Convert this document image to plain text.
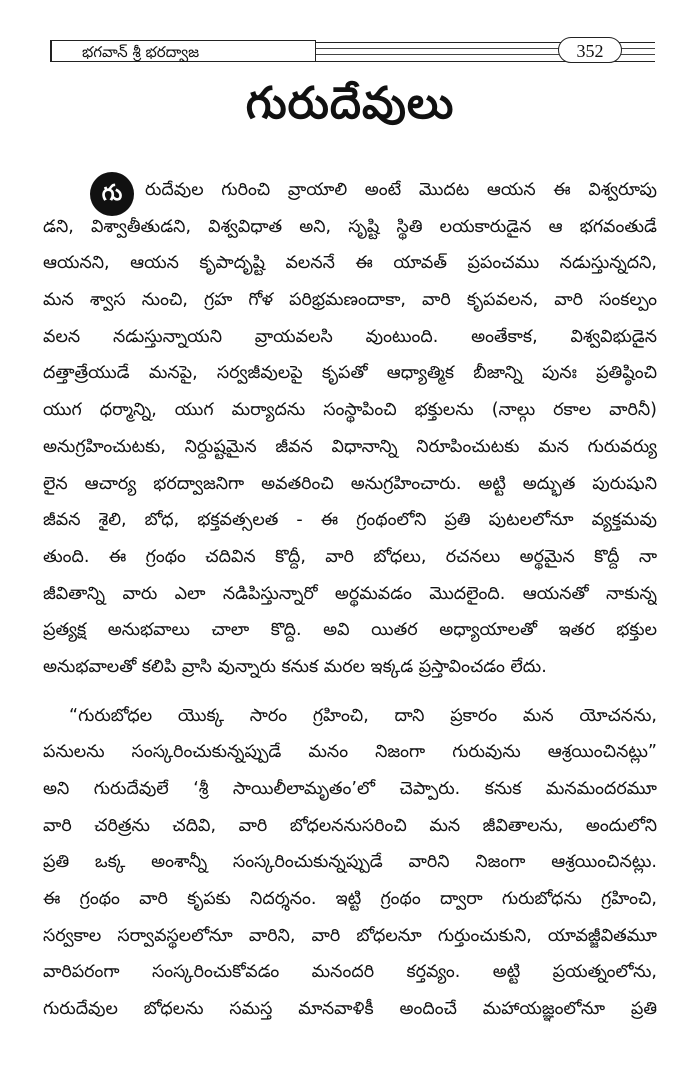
భగవాన్ శ్రీ భరద్వాజ	352
గురుదేవులు
గు	రుదేవుల గురించి వ్రాయాలి అంటే మొదట ఆయన ఈ విశ్వరూపు

డని, విశ్వాతీతుడని, విశ్వవిధాత అని, సృష్టి స్థితి లయకారుడైన ఆ భగవంతుడే

ఆయనని, ఆయన కృపాదృష్టి వలననే ఈ యావత్ ప్రపంచము నడుస్తున్నదని,

మన శ్వాస నుంచి, గ్రహ గోళ పరిభ్రమణందాకా, వారి కృపవలన, వారి సంకల్పం

వలన నడుస్తున్నాయని వ్రాయవలసి వుంటుంది. అంతేకాక, విశ్వవిభుడైన

దత్తాత్రేయుడే మనపై, సర్వజీవులపై కృపతో ఆధ్యాత్మిక బీజాన్ని పునః ప్రతిష్ఠించి

యుగ ధర్మాన్ని, యుగ మర్యాదను సంస్థాపించి భక్తులను (నాల్గు రకాల వారినీ)

అనుగ్రహించుటకు, నిర్దుష్టమైన జీవన విధానాన్ని నిరూపించుటకు మన గురువర్యు

లైన ఆచార్య భరద్వాజనిగా అవతరించి అనుగ్రహించారు. అట్టి అద్భుత పురుషుని

జీవన శైలి, బోధ, భక్తవత్సలత - ఈ గ్రంథంలోని ప్రతి పుటలలోనూ వ్యక్తమవు

తుంది. ఈ గ్రంథం చదివిన కొద్దీ, వారి బోధలు, రచనలు అర్థమైన కొద్దీ నా

జీవితాన్ని వారు ఎలా నడిపిస్తున్నారో అర్థమవడం మొదలైంది. ఆయనతో నాకున్న

ప్రత్యక్ష అనుభవాలు చాలా కొద్ది. అవి యితర అధ్యాయాలతో ఇతర భక్తుల

అనుభవాలతో కలిపి వ్రాసి వున్నారు కనుక మరల ఇక్కడ ప్రస్తావించడం లేదు.

“గురుబోధల యొక్క సారం గ్రహించి, దాని ప్రకారం మన యోచనను,

పనులను సంస్కరించుకున్నప్పుడే మనం నిజంగా గురువును ఆశ్రయించినట్లు”

అని గురుదేవులే ‘శ్రీ సాయిలీలామృతం’లో చెప్పారు. కనుక మనమందరమూ

వారి చరిత్రను చదివి, వారి బోధలననుసరించి మన జీవితాలను, అందులోని

ప్రతి ఒక్క అంశాన్నీ సంస్కరించుకున్నప్పుడే వారిని నిజంగా ఆశ్రయించినట్లు.

ఈ గ్రంథం వారి కృపకు నిదర్శనం. ఇట్టి గ్రంథం ద్వారా గురుబోధను గ్రహించి,

సర్వకాల సర్వావస్థలలోనూ వారిని, వారి బోధలనూ గుర్తుంచుకుని, యావజ్జీవితమూ

వారిపరంగా సంస్కరించుకోవడం మనందరి కర్తవ్యం. అట్టి ప్రయత్నంలోను,

గురుదేవుల బోధలను సమస్త మానవాళికీ అందించే మహాయజ్ఞంలోనూ ప్రతి
